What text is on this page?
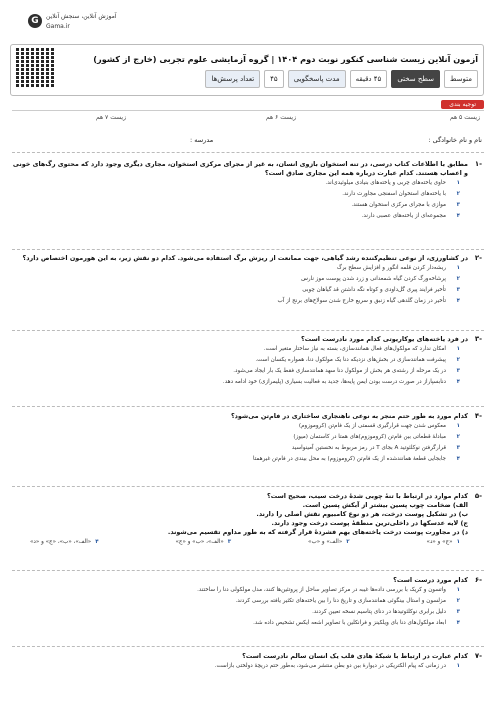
G	آموزش آنلاین، سنجش آنلاین
Gama.ir
آزمون آنلاین زیست شناسی کنکور نوبت دوم ۱۴۰۴ | گروه آزمایشی علوم تجربی (خارج از کشور)
تعداد پرسش‌ها	۴۵	مدت پاسخگویی	۴۵ دقیقه	سطح سختی	متوسط
توجیه ‌بندی
زیست ۵ هم
زیست ۶ هم
زیست ۷ هم
نام و نام خانوادگی :
مدرسه :
-۱
مطابق با اطلاعات کتاب درسی، در تنه استخوان بازوی انسان، به غیر از مجرای مرکزی استخوان، مجاری دیگری وجود دارد که محتوی رگ‌های خونی و اعصاب هستند. کدام عبارت درباره همه این مجاری صادق است؟
۱
حاوی یاخته‌های چربی و یاخته‌های بنیادی میلوئیدی‌اند.
۲
با یاخته‌های استخوان اسفنجی مجاورت دارند.
۳
موازی با مجرای مرکزی استخوان هستند.
۴
مجموعه‌ای از یاخته‌های عصبی دارند.
-۲
در کشاورزی، از نوعی تنظیم‌کننده رشد گیاهی، جهت ممانعت از ریزش برگ استفاده می‌شود. کدام دو نقش زیر، به این هورمون اختصاص دارد؟
۱
ریشه‌دار کردن قلمه انگور و افزایش سطح برگ
۲
پرشاخه‌ورگ کردن گیاه شمعدانی و زرد شدن پوست موز نارس
۳
تأخیر فرایند پیری گل‌داودی و کوتاه نگه داشتن قد گیاهان چوبی
۴
تأخیر در زمان گلدهی گیاه زنبق و سریع خارج شدن سولاخ‌های برنج از آب
-۳
در فرد یاخته‌های یوکاریوتی کدام مورد نادرست است؟
۱
امکان ندارد که مولکول‌های فعال همانندسازی، بسته به نیاز ساختار متغیر است.
۲
پیشرفت همانندسازی در بخش‌های نزدیکه دنا یک مولکول دنا، همواره یکسان است.
۳
در یک مرحله از رشته‌ی هر بخش از مولکول دنا سهد همانندسازی فقط یک بار ایجاد می‌شود.
۴
دنابسپاراز در صورت درست بودن ایمن پایه‌ها، جدید به فعالیت بسیاری (پلیمرازی) خود ادامه دهد.
-۴
کدام مورد به طور حتم منجر به نوعی ناهنجاری ساختاری در فام‌تن می‌شود؟
۱
معکوس شدن جهت قرارگیری قسمتی از یک فام‌تن (کروموزوم)
۲
مبادلهٔ قطعاتی بین فام‌تن (کروموزوم)های همتا در کاستمان (میوز)
۳
قرارگرفتن نوکلئوتید A بجای T در رمز مربوط به نخستین آمینواسید
۴
جابجایی قطعهٔ همانندشده از یک فام‌تن (کروموزوم) به محل بیندی در فام‌تن غیرهمتا
-۵
کدام موارد در ارتباط با تنهٔ چوبی شدهٔ درخت سیب، صحیح است؟
الف) ضخامت چوب پسین بیشتر از آبکش پسین است.
ب) در تشکیل پوست درخت، هر دو نوع کامبیوم نقش اصلی را دارند.
ج) لایه عدسکها در داخلی‌ترین منطقهٔ پوست درخت وجود دارند.
د) در مجاورت پوست درخت یاخته‌های بهم فشردهٔ قرار گرفته که به طور مداوم تقسیم می‌شوند.
۱«ج» و «د»
۲«الف» و «ب»
۳«الف»، «ب» و «ج»
۴«الف»، «ب»، «ج» و «د»
-۶
کدام مورد درست است؟
۱
واتسون و کریک با بررسی داده‌ها غیبه در مرکز تصاویر ساحل از پروتئین‌ها کنند، مدل مولکولی دنا را ساختند.
۲
مزلسون و استال بینگوئی همانندسازی و تاریخ دنا را بین یاخته‌های تکثیر یافته بررسی کردند.
۳
دلیل برابری نوکلئوتیدها در دنای پتاسیم نسخه تعیین کردند.
۴
ابعاد مولکول‌های دنا بای ویلکینز و فرانکلین با تصاویر اشعه ایکس تشخیص داده شد.
-۷
کدام عبارت در ارتباط با شبکهٔ هادی قلب یک انسان سالم نادرست است؟
۱
در زمانی که پیام الکتریکی در دیوارهٔ بین دو بطن منتشر می‌شود، به‌طور حتم دریچهٔ دولختی بازاست.
